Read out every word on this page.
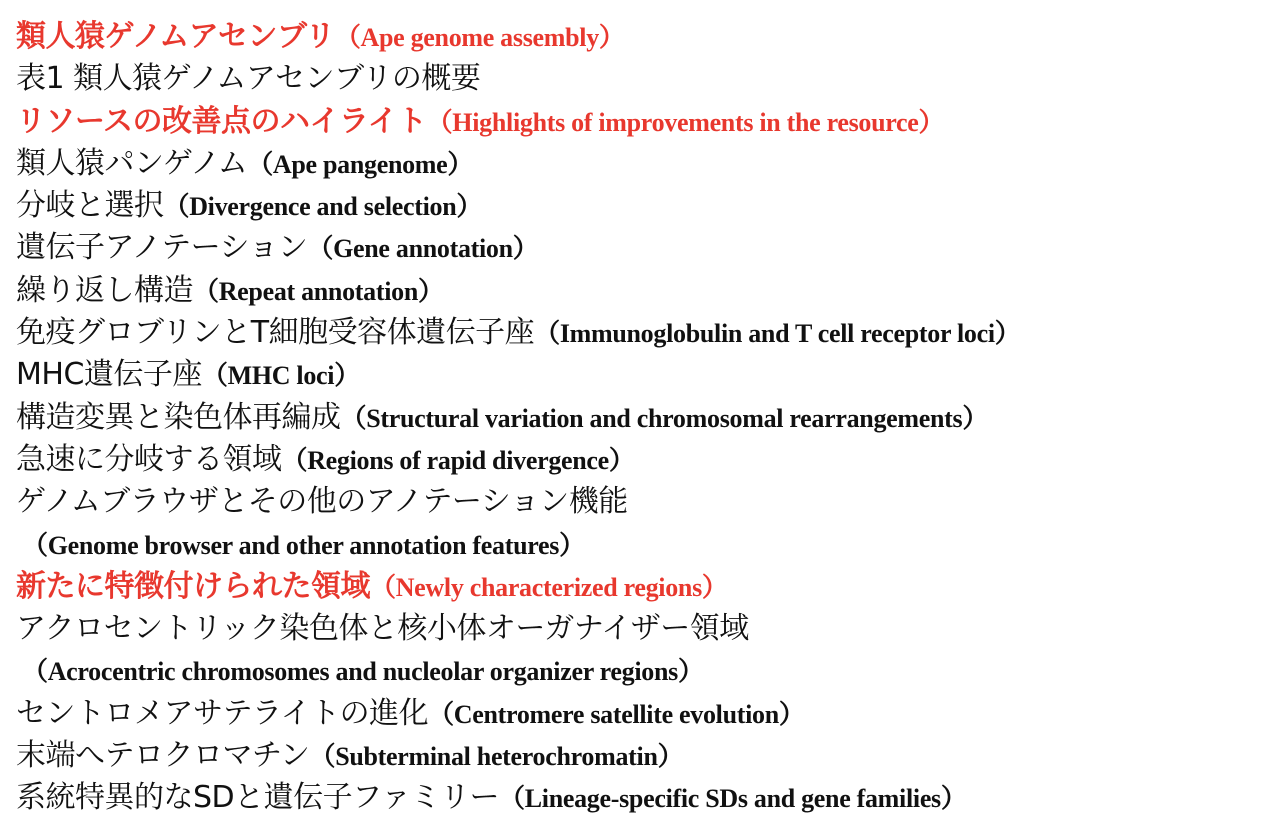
類人猿ゲノムアセンブリ（Ape genome assembly）
表1 類人猿ゲノムアセンブリの概要
リソースの改善点のハイライト（Highlights of improvements in the resource）
類人猿パンゲノム（Ape pangenome）
分岐と選択（Divergence and selection）
遺伝子アノテーション（Gene annotation）
繰り返し構造（Repeat annotation）
免疫グロブリンとT細胞受容体遺伝子座（Immunoglobulin and T cell receptor loci）
MHC遺伝子座（MHC loci）
構造変異と染色体再編成（Structural variation and chromosomal rearrangements）
急速に分岐する領域（Regions of rapid divergence）
ゲノムブラウザとその他のアノテーション機能
（Genome browser and other annotation features）
新たに特徴付けられた領域（Newly characterized regions）
アクロセントリック染色体と核小体オーガナイザー領域
（Acrocentric chromosomes and nucleolar organizer regions）
セントロメアサテライトの進化（Centromere satellite evolution）
末端へテロクロマチン（Subterminal heterochromatin）
系統特異的なSDと遺伝子ファミリー（Lineage-specific SDs and gene families）
